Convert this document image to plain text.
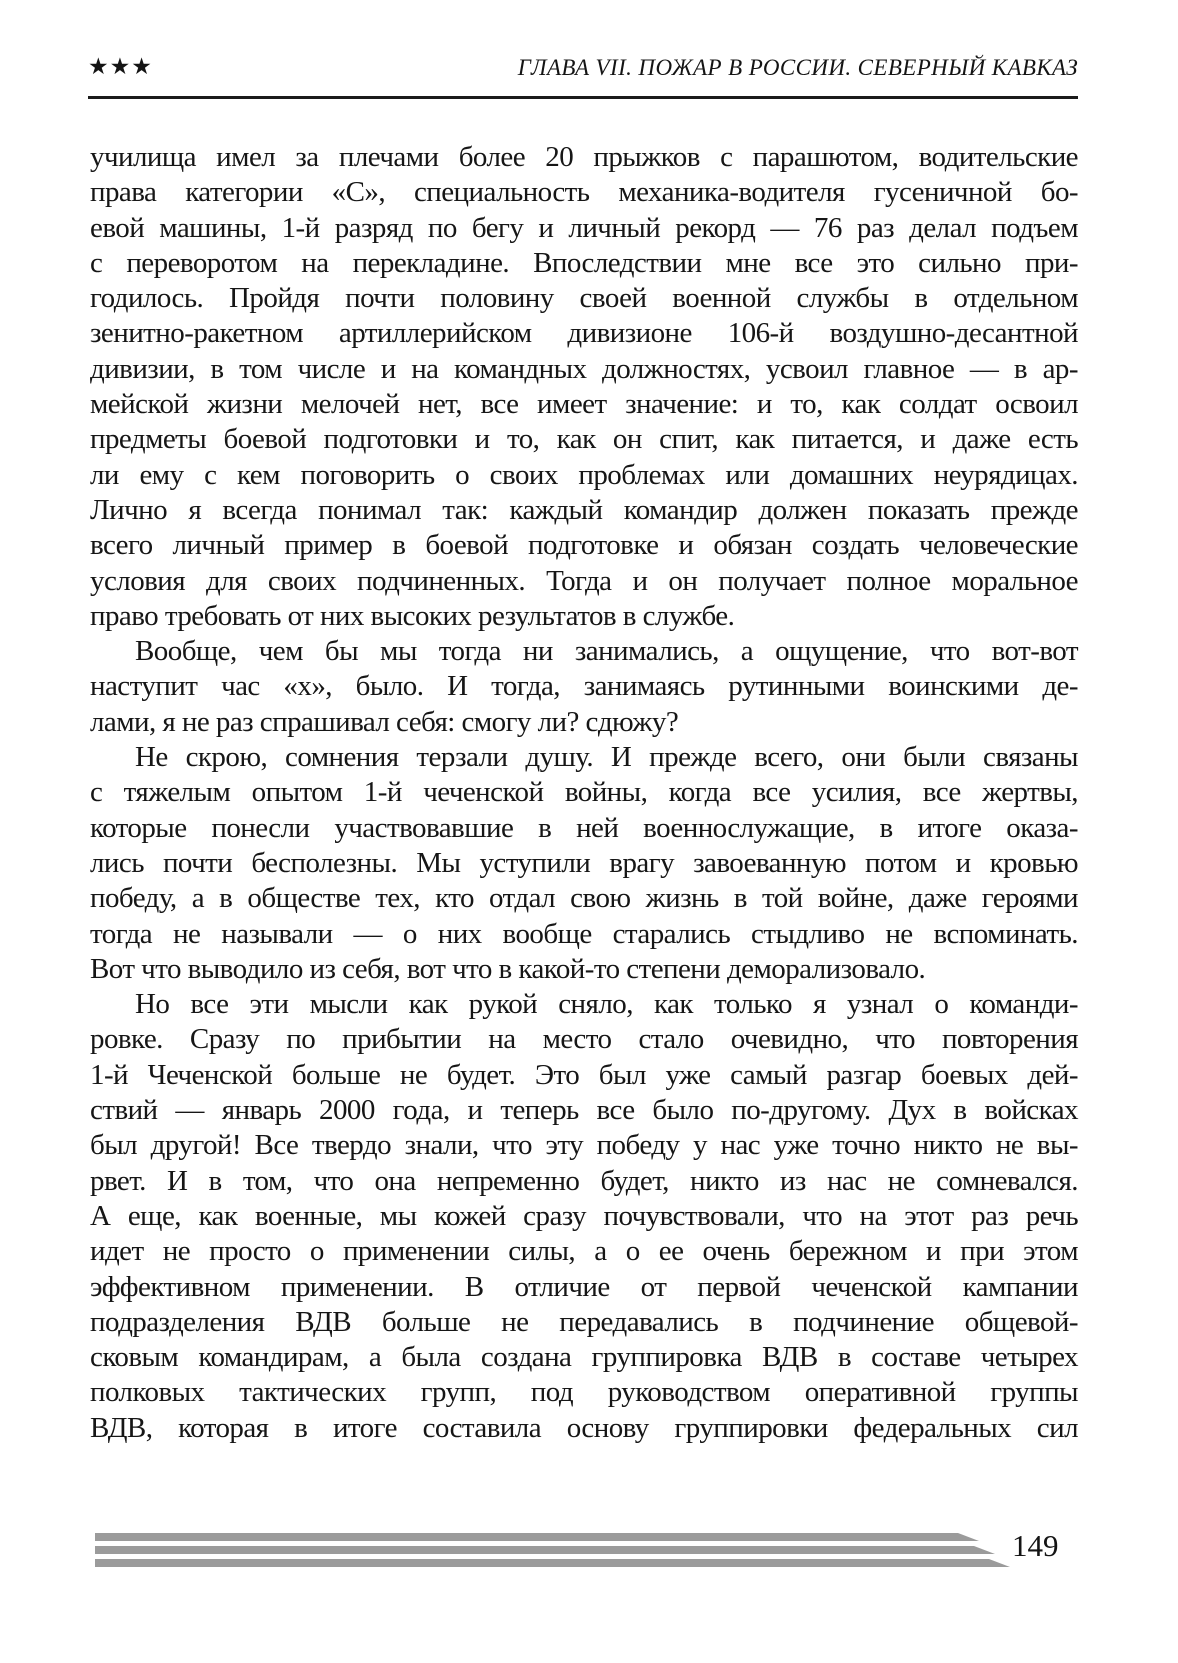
★★★	ГЛАВА VII. ПОЖАР В РОССИИ. СЕВЕРНЫЙ КАВКАЗ
училища имел за плечами более 20 прыжков с парашютом, водительские
права категории «С», специальность механика-водителя гусеничной бо-
евой машины, 1-й разряд по бегу и личный рекорд — 76 раз делал подъем
с переворотом на перекладине. Впоследствии мне все это сильно при-
годилось. Пройдя почти половину своей военной службы в отдельном
зенитно-ракетном артиллерийском дивизионе 106-й воздушно-десантной
дивизии, в том числе и на командных должностях, усвоил главное — в ар-
мейской жизни мелочей нет, все имеет значение: и то, как солдат освоил
предметы боевой подготовки и то, как он спит, как питается, и даже есть
ли ему с кем поговорить о своих проблемах или домашних неурядицах.
Лично я всегда понимал так: каждый командир должен показать прежде
всего личный пример в боевой подготовке и обязан создать человеческие
условия для своих подчиненных. Тогда и он получает полное моральное
право требовать от них высоких результатов в службе.
Вообще, чем бы мы тогда ни занимались, а ощущение, что вот-вот
наступит час «х», было. И тогда, занимаясь рутинными воинскими де-
лами, я не раз спрашивал себя: смогу ли? сдюжу?
Не скрою, сомнения терзали душу. И прежде всего, они были связаны
с тяжелым опытом 1-й чеченской войны, когда все усилия, все жертвы,
которые понесли участвовавшие в ней военнослужащие, в итоге оказа-
лись почти бесполезны. Мы уступили врагу завоеванную потом и кровью
победу, а в обществе тех, кто отдал свою жизнь в той войне, даже героями
тогда не называли — о них вообще старались стыдливо не вспоминать.
Вот что выводило из себя, вот что в какой-то степени деморализовало.
Но все эти мысли как рукой сняло, как только я узнал о команди-
ровке. Сразу по прибытии на место стало очевидно, что повторения
1-й Чеченской больше не будет. Это был уже самый разгар боевых дей-
ствий — январь 2000 года, и теперь все было по-другому. Дух в войсках
был другой! Все твердо знали, что эту победу у нас уже точно никто не вы-
рвет. И в том, что она непременно будет, никто из нас не сомневался.
А еще, как военные, мы кожей сразу почувствовали, что на этот раз речь
идет не просто о применении силы, а о ее очень бережном и при этом
эффективном применении. В отличие от первой чеченской кампании
подразделения ВДВ больше не передавались в подчинение общевой-
сковым командирам, а была создана группировка ВДВ в составе четырех
полковых тактических групп, под руководством оперативной группы
ВДВ, которая в итоге составила основу группировки федеральных сил
149
